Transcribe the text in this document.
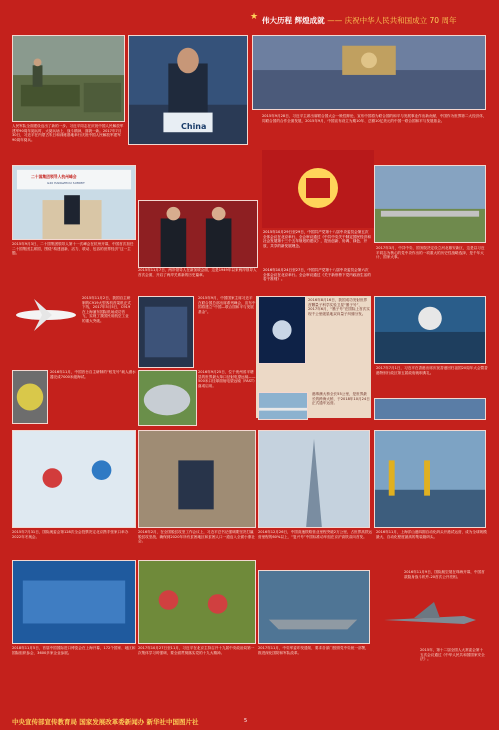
★ 伟大历程 辉煌成就 —— 庆祝中华人民共和国成立 70 周年
人民军队全面建设迈出了新的一步。习近平同志在庆祝中国人民解放军建军90周年阅兵时，大阅兵场上，战斗精神，面貌一新。2017年7月30日，习近平在内蒙古朱日和训练基地举行庆祝中国人民解放军建军90周年阅兵。
China
2015年9月28日，习近平主席出席联合国大会一般性辩论，宣布中国将为联合国的和平与发展事业作出新贡献，中国作为世界第二大经济体，同联合国的合作全面发展，2015年9月，中国宣布设立为期10年、总额10亿美元的中国一联合国和平与发展基金。
二十国集团领导人杭州峰会
G20 HANGZHOU SUMMIT
2015年9月3日，二十国集团领导人第十一次峰会在杭州开幕，中国首次担任二十国集团主席国，围绕“构建创新、活力、联动、包容的世界经济”这一主题。
2015年11月7日，两岸领导人在新加坡会面，这是1949年以来两岸领导人首次会面，开启了两岸关系新的历史篇章。
2015年10月29日至29日，中国共产党第十八届中央委员会第五次全体会议在北京举行，全会审议通过《中共中央关于制定国民经济和社会发展第十三个五年规划的建议》，提出创新、协调、绿色、开放、共享的新发展理念。
2016年10月24日至27日，中国共产党第十八届中央委员会第六次全体会议在北京举行。全会审议通过《关于新形势下党内政治生活的若干准则》。
2017年3月，中共中央、国务院决定设立河北雄安新区，这是以习近平同志为核心的党中央作出的一项重大的历史性战略选择，是千年大计、国家大事。
2015年11月2日，我国自主研制的C919大型客机首架机正式下线，2017年5月5日，C919在上海浦东国际机场成功首飞，实现了我国民用航空工业的重大突破。
2015年9月，中国国家主席习近平在联合国总部出席系列峰会，宣布中国将建立“中国—联合国和平与发展基金”。
2016年8月16日，我国成功发射世界首颗量子科学实验卫星“墨子号”，2017年6月，“墨子号”在国际上首次实现千公里级星地双向量子纠缠分发。
2017年7月1日，习近平在香港出席庆祝香港回归祖国20周年大会暨香港特别行政区第五届政府就职典礼。
2016年11月，中国首台自主研制的“蛟龙号”载人潜水器完成7000米级海试。
2016年9月25日，位于贵州省平塘县的世界最大单口径射电望远镜——500米口径球面射电望远镜（FAST）落成启用。
港珠澳大桥全长55公里，是世界最长的跨海大桥，于2018年10月24日正式通车运营。
2015年7月31日，国际奥委会第128次全会投票决定北京携手张家口举办2022年冬奥会。
2016年2月，在全国脱贫攻坚工作会议上，习近平总书记强调要坚决打赢脱贫攻坚战，确保到2020年所有贫困地区和贫困人口一道迈入全面小康社会。
2016年12月26日，中国高速铁路营业里程突破2万公里，占世界高铁运营里程的60%以上，“复兴号”中国标准动车组在京沪高铁双向首发。
2016年11月，上海洋山港四期自动化码头开港试运营，成为全球规模最大、自动化程度最高的集装箱码头。
2018年11月5日，首届中国国际进口博览会在上海开幕，172个国家、地区和国际组织参会，3600多家企业参展。
2017年10月27日至11月，习近平在北京主持召开十九届中央政治局第一次集体学习时强调，要全面贯彻落实党的十九大精神。
2017年11月，中央军委印发通知，要求各部门按照党中央统一部署，推进深化国防和军队改革。
2016年11月9日，国际航空展在珠海开幕，中国首款隐身战斗机歼-20首次公开亮相。
2015年，第十二届全国人大常委会第十五次会议通过《中华人民共和国国家安全法》。
中央宣传部宣传教育局 国家发展改革委新闻办 新华社中国图片社	5
